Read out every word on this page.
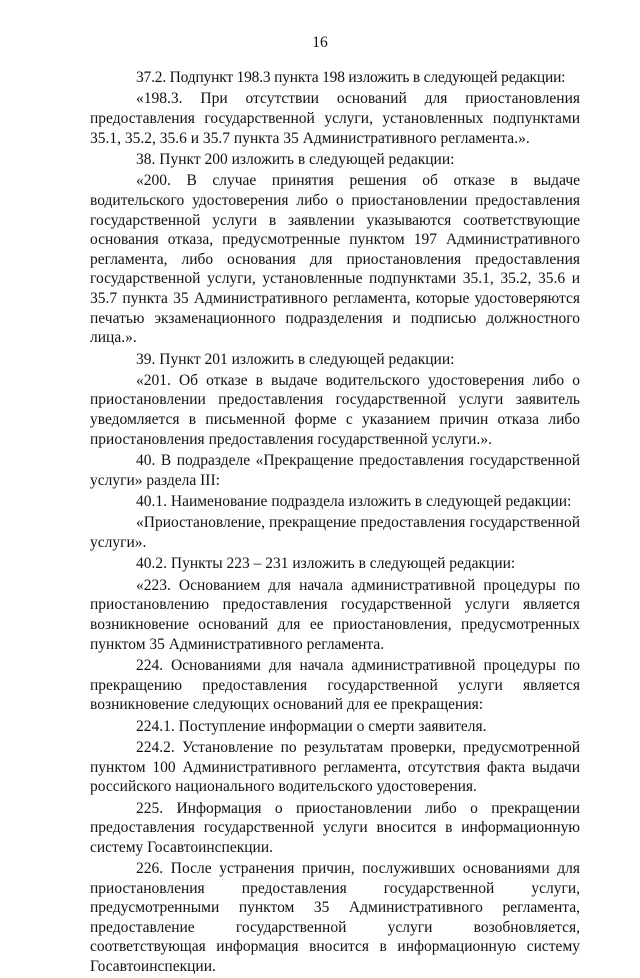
16

37.2. Подпункт 198.3 пункта 198 изложить в следующей редакции:

«198.3. При отсутствии оснований для приостановления предоставления государственной услуги, установленных подпунктами 35.1, 35.2, 35.6 и 35.7 пункта 35 Административного регламента.».

38. Пункт 200 изложить в следующей редакции:

«200. В случае принятия решения об отказе в выдаче водительского удостоверения либо о приостановлении предоставления государственной услуги в заявлении указываются соответствующие основания отказа, предусмотренные пунктом 197 Административного регламента, либо основания для приостановления предоставления государственной услуги, установленные подпунктами 35.1, 35.2, 35.6 и 35.7 пункта 35 Административного регламента, которые удостоверяются печатью экзаменационного подразделения и подписью должностного лица.».

39. Пункт 201 изложить в следующей редакции:

«201. Об отказе в выдаче водительского удостоверения либо о приостановлении предоставления государственной услуги заявитель уведомляется в письменной форме с указанием причин отказа либо приостановления предоставления государственной услуги.».

40. В подразделе «Прекращение предоставления государственной услуги» раздела III:

40.1. Наименование подраздела изложить в следующей редакции:

«Приостановление, прекращение предоставления государственной услуги».

40.2. Пункты 223 – 231 изложить в следующей редакции:

«223. Основанием для начала административной процедуры по приостановлению предоставления государственной услуги является возникновение оснований для ее приостановления, предусмотренных пунктом 35 Административного регламента.

224. Основаниями для начала административной процедуры по прекращению предоставления государственной услуги является возникновение следующих оснований для ее прекращения:

224.1. Поступление информации о смерти заявителя.

224.2. Установление по результатам проверки, предусмотренной пунктом 100 Административного регламента, отсутствия факта выдачи российского национального водительского удостоверения.

225. Информация о приостановлении либо о прекращении предоставления государственной услуги вносится в информационную систему Госавтоинспекции.

226. После устранения причин, послуживших основаниями для приостановления предоставления государственной услуги, предусмотренными пунктом 35 Административного регламента, предоставление государственной услуги возобновляется, соответствующая информация вносится в информационную систему Госавтоинспекции.
